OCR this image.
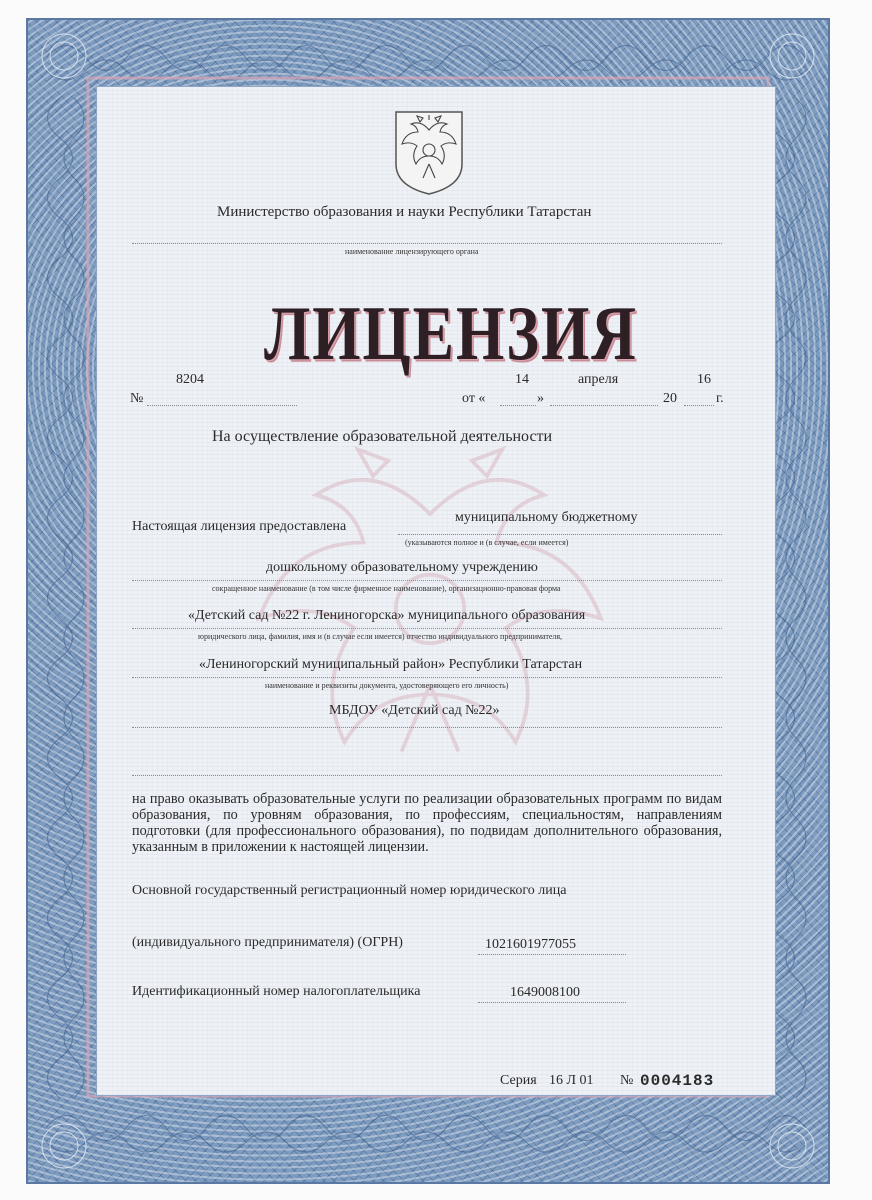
Министерство образования и науки Республики Татарстан
наименование лицензирующего органа
ЛИЦЕНЗИЯ
№
8204
от «
14
»
апреля
20
16
г.
На осуществление образовательной деятельности
Настоящая лицензия предоставлена
муниципальному бюджетному
(указываются полное и (в случае, если имеется)
дошкольному образовательному учреждению
сокращенное наименование (в том числе фирменное наименование), организационно-правовая форма
«Детский сад №22 г. Лениногорска» муниципального образования
юридического лица, фамилия, имя и (в случае если имеется) отчество индивидуального предпринимателя,
«Лениногорский муниципальный район» Республики Татарстан
наименование и реквизиты документа, удостоверяющего его личность)
МБДОУ «Детский сад №22»
на право оказывать образовательные услуги по реализации образовательных программ по видам образования, по уровням образования, по профессиям, специальностям, направлениям подготовки (для профессионального образования), по подвидам дополнительного образования, указанным в приложении к настоящей лицензии.
Основной государственный регистрационный номер юридического лица
(индивидуального предпринимателя) (ОГРН)	1021601977055
Идентификационный номер налогоплательщика	1649008100
Серия 16 Л 01 № 0004183
